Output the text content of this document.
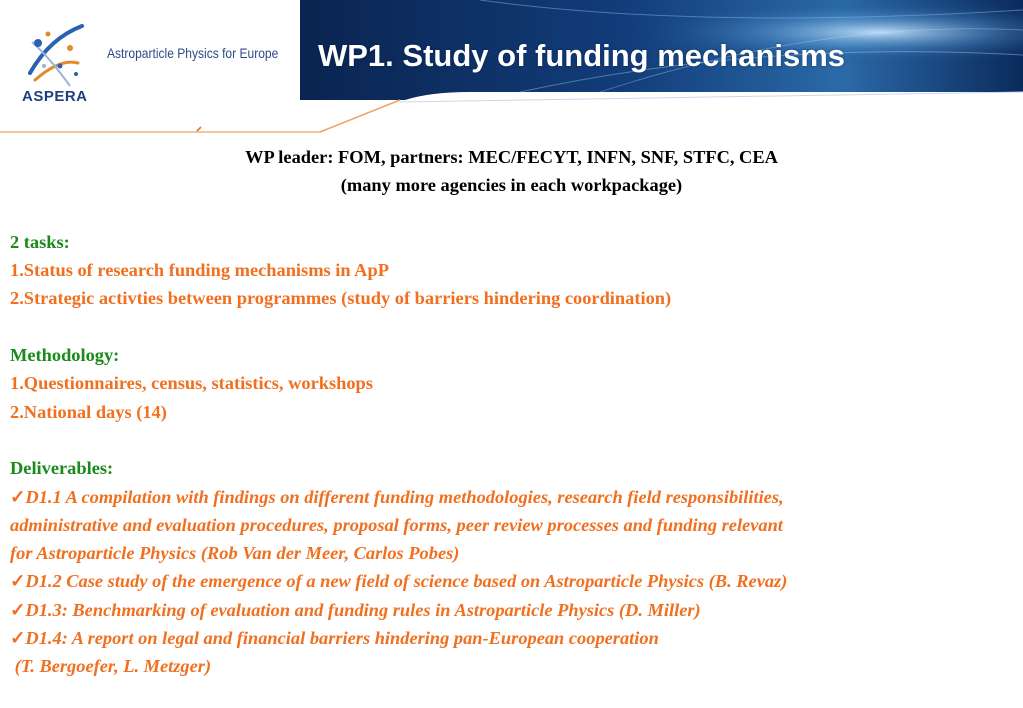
ASPERA
Astroparticle Physics for Europe WP1. Study of funding mechanisms
WP leader: FOM, partners: MEC/FECYT, INFN, SNF, STFC, CEA
(many more agencies in each workpackage)
2 tasks:
1.Status of research funding mechanisms in ApP
2.Strategic activties between programmes (study of barriers hindering coordination)
Methodology:
1.Questionnaires, census, statistics, workshops
2.National days (14)
Deliverables:
✓D1.1 A compilation with findings on different funding methodologies, research field responsibilities,
administrative and evaluation procedures, proposal forms, peer review processes and funding relevant
for Astroparticle Physics (Rob Van der Meer, Carlos Pobes)
✓D1.2 Case study of the emergence of a new field of science based on Astroparticle Physics (B. Revaz)
✓D1.3: Benchmarking of evaluation and funding rules in Astroparticle Physics (D. Miller)
✓D1.4: A report on legal and financial barriers hindering pan-European cooperation
(T. Bergoefer, L. Metzger)
